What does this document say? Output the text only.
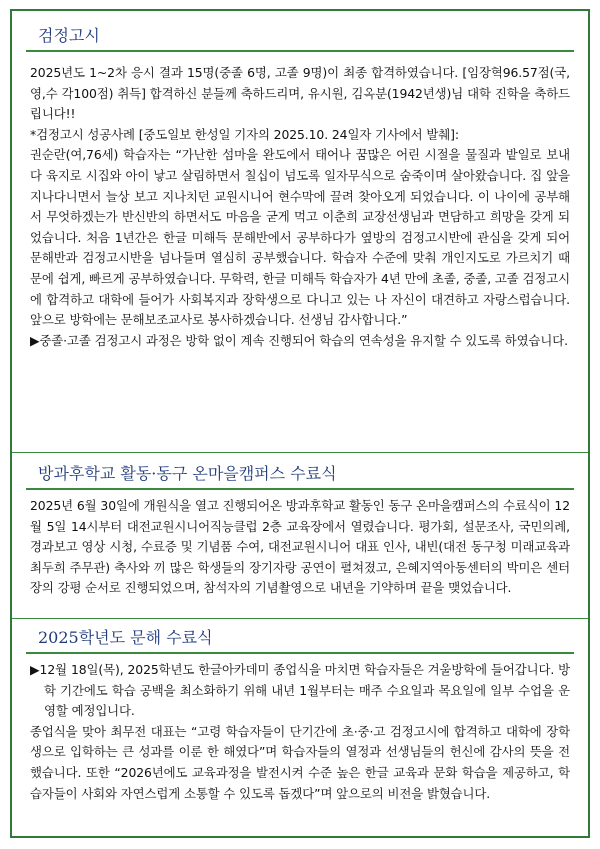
검정고시

2025년도 1~2차 응시 결과 15명(중졸 6명, 고졸 9명)이 최종 합격하였습니다. [임장혁96.57점(국,영,수 각100점) 취득] 합격하신 분들께 축하드리며, 유시원, 김옥분(1942년생)님 대학 진학을 축하드립니다!!

*검정고시 성공사례 [중도일보 한성일 기자의 2025.10. 24일자 기사에서 발췌]:

권순란(여,76세) 학습자는 “가난한 섬마을 완도에서 태어나 꿈많은 어린 시절을 물질과 밭일로 보내다 육지로 시집와 아이 낳고 살림하면서 칠십이 넘도록 일자무식으로 숨죽이며 살아왔습니다. 집 앞을 지나다니면서 늘상 보고 지나치던 교원시니어 현수막에 끌려 찾아오게 되었습니다. 이 나이에 공부해서 무엇하겠는가 반신반의 하면서도 마음을 굳게 먹고 이춘희 교장선생님과 면담하고 희망을 갖게 되었습니다. 처음 1년간은 한글 미해득 문해반에서 공부하다가 옆방의 검정고시반에 관심을 갖게 되어 문해반과 검정고시반을 넘나들며 열심히 공부했습니다. 학습자 수준에 맞춰 개인지도로 가르치기 때문에 쉽게, 빠르게 공부하였습니다. 무학력, 한글 미해득 학습자가 4년 만에 초졸, 중졸, 고졸 검정고시에 합격하고 대학에 들어가 사회복지과 장학생으로 다니고 있는 나 자신이 대견하고 자랑스럽습니다. 앞으로 방학에는 문해보조교사로 봉사하겠습니다. 선생님 감사합니다.”

▶중졸·고졸 검정고시 과정은 방학 없이 계속 진행되어 학습의 연속성을 유지할 수 있도록 하였습니다.

방과후학교 활동·동구 온마을캠퍼스 수료식

2025년 6월 30일에 개원식을 열고 진행되어온 방과후학교 활동인 동구 온마을캠퍼스의 수료식이 12월 5일 14시부터 대전교원시니어직능클럽 2층 교육장에서 열렸습니다. 평가회, 설문조사, 국민의례, 경과보고 영상 시청, 수료증 및 기념품 수여, 대전교원시니어 대표 인사, 내빈(대전 동구청 미래교육과 최두희 주무관) 축사와 끼 많은 학생들의 장기자랑 공연이 펼쳐졌고, 은혜지역아동센터의 박미은 센터장의 강평 순서로 진행되었으며, 참석자의 기념촬영으로 내년을 기약하며 끝을 맺었습니다.

2025학년도 문해 수료식

▶12월 18일(목), 2025학년도 한글아카데미 종업식을 마치면 학습자들은 겨울방학에 들어갑니다. 방학 기간에도 학습 공백을 최소화하기 위해 내년 1월부터는 매주 수요일과 목요일에 일부 수업을 운영할 예정입니다.

종업식을 맞아 최무전 대표는 “고령 학습자들이 단기간에 초·중·고 검정고시에 합격하고 대학에 장학생으로 입학하는 큰 성과를 이룬 한 해였다”며 학습자들의 열정과 선생님들의 헌신에 감사의 뜻을 전했습니다. 또한 “2026년에도 교육과정을 발전시켜 수준 높은 한글 교육과 문화 학습을 제공하고, 학습자들이 사회와 자연스럽게 소통할 수 있도록 돕겠다”며 앞으로의 비전을 밝혔습니다.
